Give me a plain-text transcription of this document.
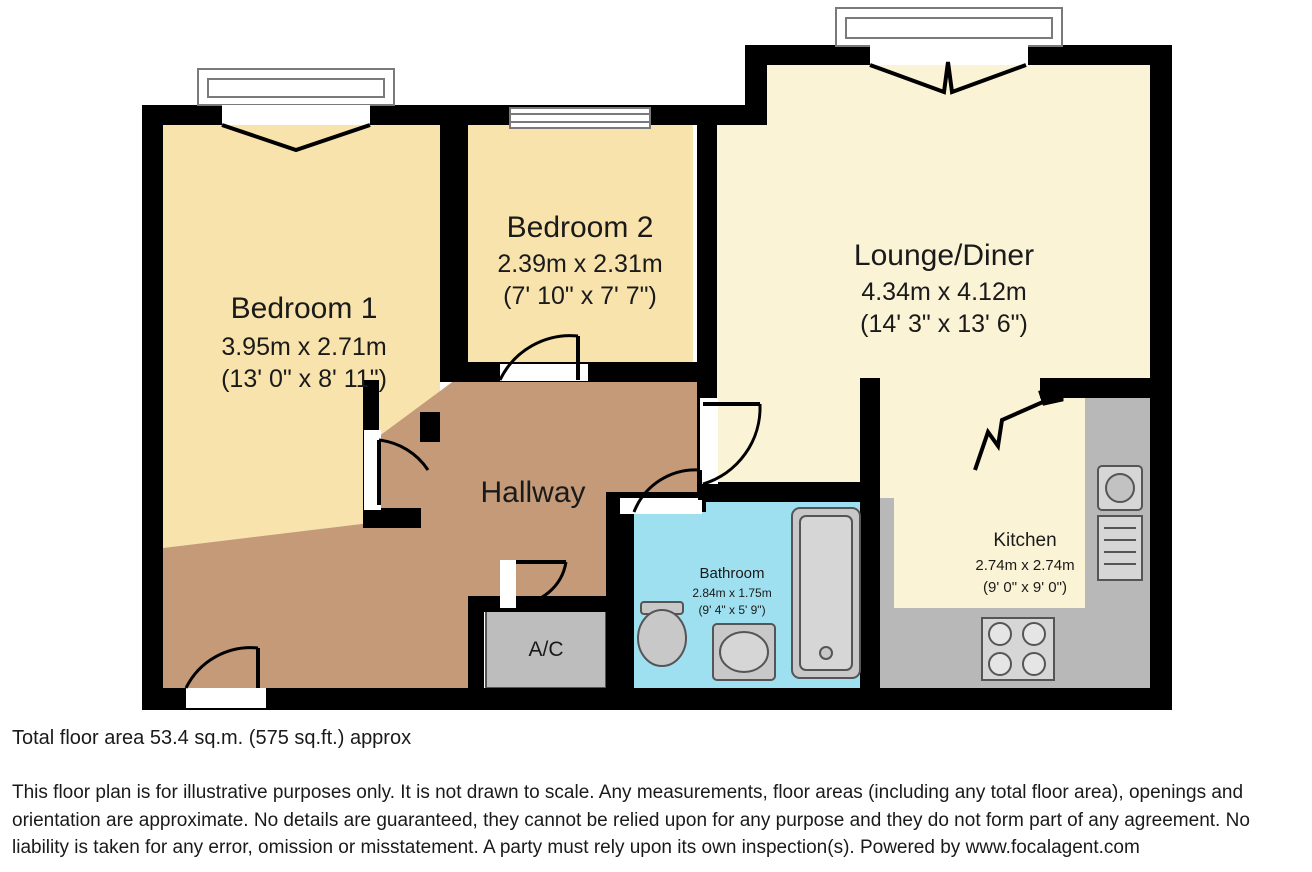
Bedroom 1
3.95m x 2.71m
(13' 0" x 8' 11")
Bedroom 2
2.39m x 2.31m
(7' 10" x 7' 7")
Lounge/Diner
4.34m x 4.12m
(14' 3" x 13' 6")
Hallway
Bathroom
2.84m x 1.75m
(9' 4" x 5' 9")
Kitchen
2.74m x 2.74m
(9' 0" x 9' 0")
A/C
Total floor area 53.4 sq.m. (575 sq.ft.) approx
This floor plan is for illustrative purposes only. It is not drawn to scale. Any measurements, floor areas (including any total floor area), openings and orientation are approximate. No details are guaranteed, they cannot be relied upon for any purpose and they do not form part of any agreement. No liability is taken for any error, omission or misstatement. A party must rely upon its own inspection(s). Powered by www.focalagent.com
